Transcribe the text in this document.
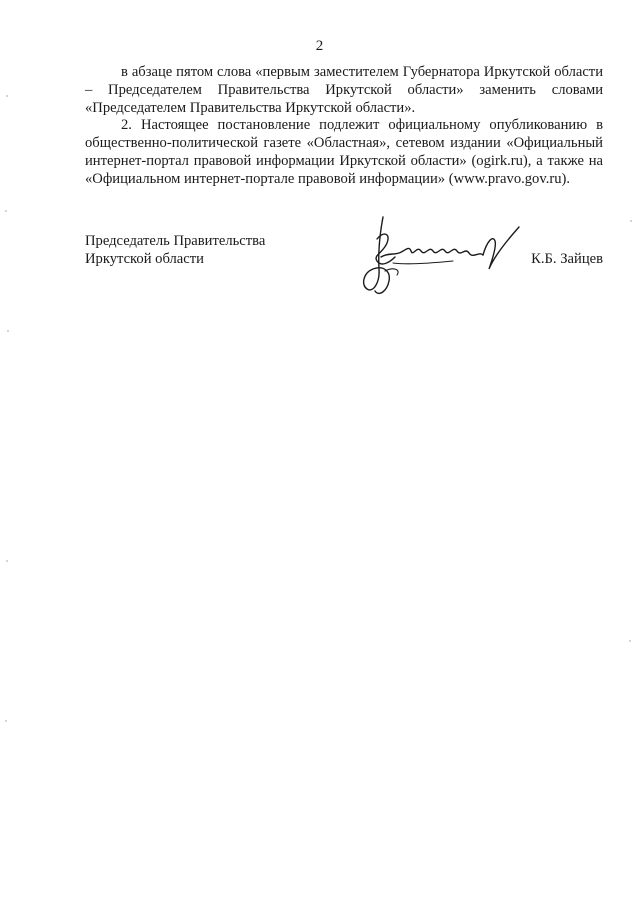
2

в абзаце пятом слова «первым заместителем Губернатора Иркутской области – Председателем Правительства Иркутской области» заменить словами «Председателем Правительства Иркутской области».

2. Настоящее постановление подлежит официальному опубликованию в общественно-политической газете «Областная», сетевом издании «Официальный интернет-портал правовой информации Иркутской области» (ogirk.ru), а также на «Официальном интернет-портале правовой информации» (www.pravo.gov.ru).

Председатель Правительства
Иркутской области	К.Б. Зайцев
